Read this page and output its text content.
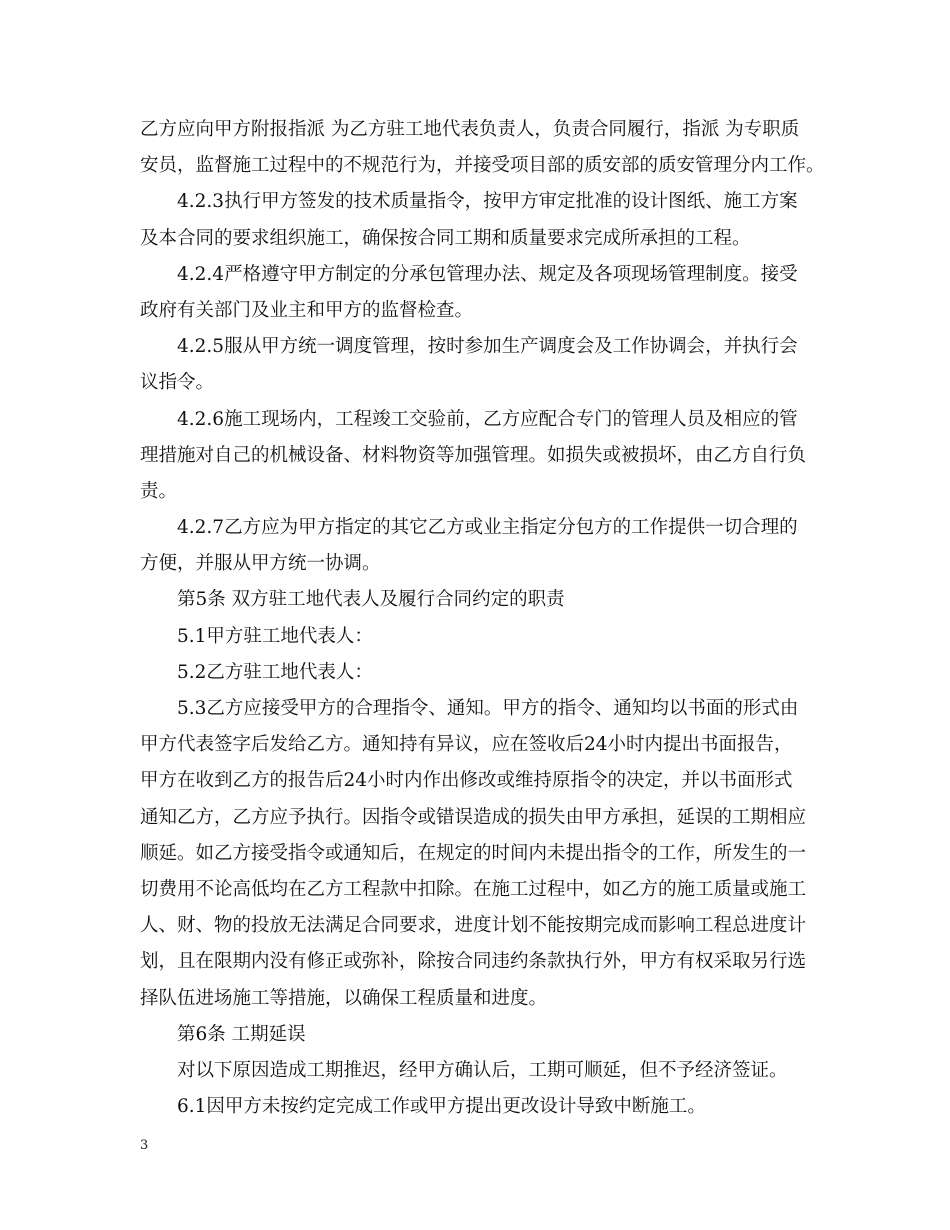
乙方应向甲方附报指派 为乙方驻工地代表负责人，负责合同履行，指派 为专职质
安员，监督施工过程中的不规范行为，并接受项目部的质安部的质安管理分内工作。
4.2.3执行甲方签发的技术质量指令，按甲方审定批准的设计图纸、施工方案
及本合同的要求组织施工，确保按合同工期和质量要求完成所承担的工程。
4.2.4严格遵守甲方制定的分承包管理办法、规定及各项现场管理制度。接受
政府有关部门及业主和甲方的监督检查。
4.2.5服从甲方统一调度管理，按时参加生产调度会及工作协调会，并执行会
议指令。
4.2.6施工现场内，工程竣工交验前，乙方应配合专门的管理人员及相应的管
理措施对自己的机械设备、材料物资等加强管理。如损失或被损坏，由乙方自行负
责。
4.2.7乙方应为甲方指定的其它乙方或业主指定分包方的工作提供一切合理的
方便，并服从甲方统一协调。
第5条 双方驻工地代表人及履行合同约定的职责
5.1甲方驻工地代表人：
5.2乙方驻工地代表人：
5.3乙方应接受甲方的合理指令、通知。甲方的指令、通知均以书面的形式由
甲方代表签字后发给乙方。通知持有异议，应在签收后24小时内提出书面报告，
甲方在收到乙方的报告后24小时内作出修改或维持原指令的决定，并以书面形式
通知乙方，乙方应予执行。因指令或错误造成的损失由甲方承担，延误的工期相应
顺延。如乙方接受指令或通知后，在规定的时间内未提出指令的工作，所发生的一
切费用不论高低均在乙方工程款中扣除。在施工过程中，如乙方的施工质量或施工
人、财、物的投放无法满足合同要求，进度计划不能按期完成而影响工程总进度计
划，且在限期内没有修正或弥补，除按合同违约条款执行外，甲方有权采取另行选
择队伍进场施工等措施，以确保工程质量和进度。
第6条 工期延误
对以下原因造成工期推迟，经甲方确认后，工期可顺延，但不予经济签证。
6.1因甲方未按约定完成工作或甲方提出更改设计导致中断施工。
3
